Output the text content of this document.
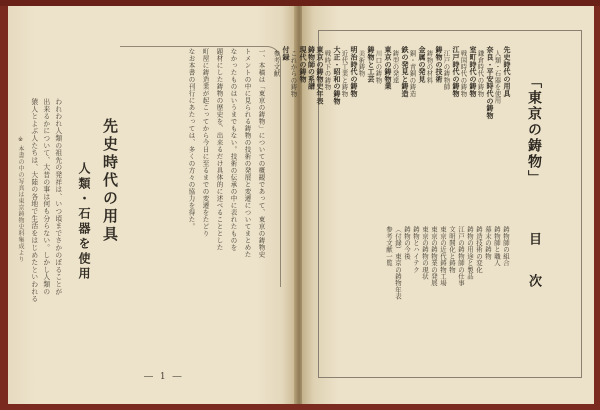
一、本稿は「東京の鋳物」についての概観であって、東京の鋳物史
トメントの中に見られる鋳物の技術の発展と変遷についてまとめた
なかったものはいうまでもない。技術の伝承の中に表れたものを
題材にした鋳物の歴史を、出来るだけ具体的に述べることとした
町屋に鋳造業が起こってから今日に至るまでの変遷をたどり
なお本書の刊行にあたっては、多くの方々の協力を得た。
先史時代の用具
人類・石器を使用
われわれ人類の祖先の発祥は、いつ頃までさかのぼることが
出来るかについて、大昔の事は何も分らない。しかし人類の
猿人とよぶ人たちは、大陸の各地で生活をはじめたといわれる
※ 本書の中の写真は東京鋳物史料集成より
― 1 ―
「東京の鋳物」
目　次
先史時代の用具
人類・石器を使用
奈良・平安時代の鋳物
鎌倉時代の鋳物
室町時代の鋳物
戦国時代の鋳物
江戸時代の鋳物
江戸の鋳物師
鋳物の技術
鋳物の材料
金属の発見
銅・青銅の鋳造
鉄の発見と鋳造
鋳型の発達
東京の鋳物業
川口の鋳物
鋳物と工芸
美術鋳物
明治時代の鋳物
近代工業と鋳物
大正・昭和の鋳物
戦時下の鋳物
東京の鋳物史年表
鋳物師の系譜
現代の鋳物
これからの鋳物
付録
参考文献
鋳物師の組合
鋳物師と職人
幕末の鋳物
鋳造技術の変化
鋳物の用途と製品
江戸の鋳物師の仕事
文明開化と鋳物
東京の近代鋳物工場
東京の鋳物業の発展
東京の鋳物の現状
鋳物とハイテク
鋳物の今後
（付録）東京の鋳物年表
参考文献一覧
